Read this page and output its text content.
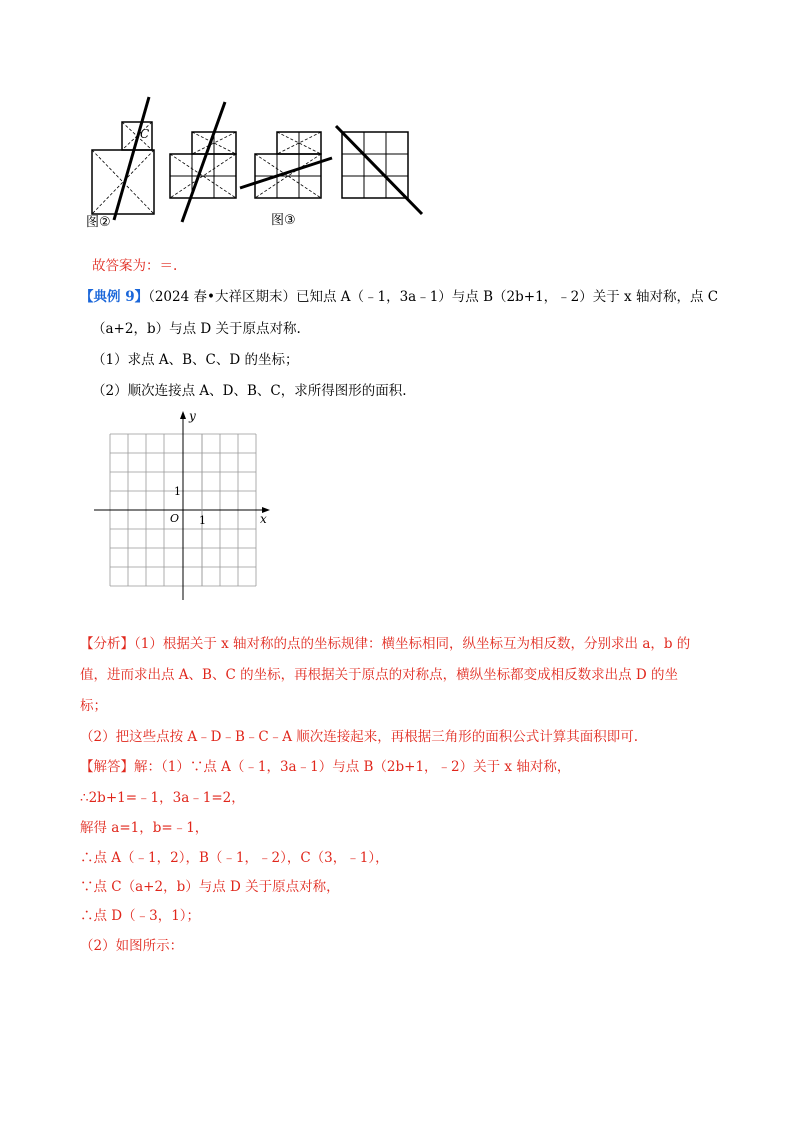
C
图②	图③
故答案为：＝.
【典例 9】（2024 春•大祥区期末）已知点 A（﹣1，3a﹣1）与点 B（2b+1，﹣2）关于 x 轴对称，点 C
（a+2，b）与点 D 关于原点对称.
（1）求点 A、B、C、D 的坐标；
（2）顺次连接点 A、D、B、C，求所得图形的面积.
y
x
O 1
1
【分析】（1）根据关于 x 轴对称的点的坐标规律：横坐标相同，纵坐标互为相反数，分别求出 a，b 的
值，进而求出点 A、B、C 的坐标，再根据关于原点的对称点，横纵坐标都变成相反数求出点 D 的坐
标；
（2）把这些点按 A﹣D﹣B﹣C﹣A 顺次连接起来，再根据三角形的面积公式计算其面积即可.
【解答】解：（1）∵点 A（﹣1，3a﹣1）与点 B（2b+1，﹣2）关于 x 轴对称，
∴2b+1=﹣1，3a﹣1=2，
解得 a=1，b=﹣1，
∴点 A（﹣1，2），B（﹣1，﹣2），C（3，﹣1），
∵点 C（a+2，b）与点 D 关于原点对称，
∴点 D（﹣3，1）；
（2）如图所示：
